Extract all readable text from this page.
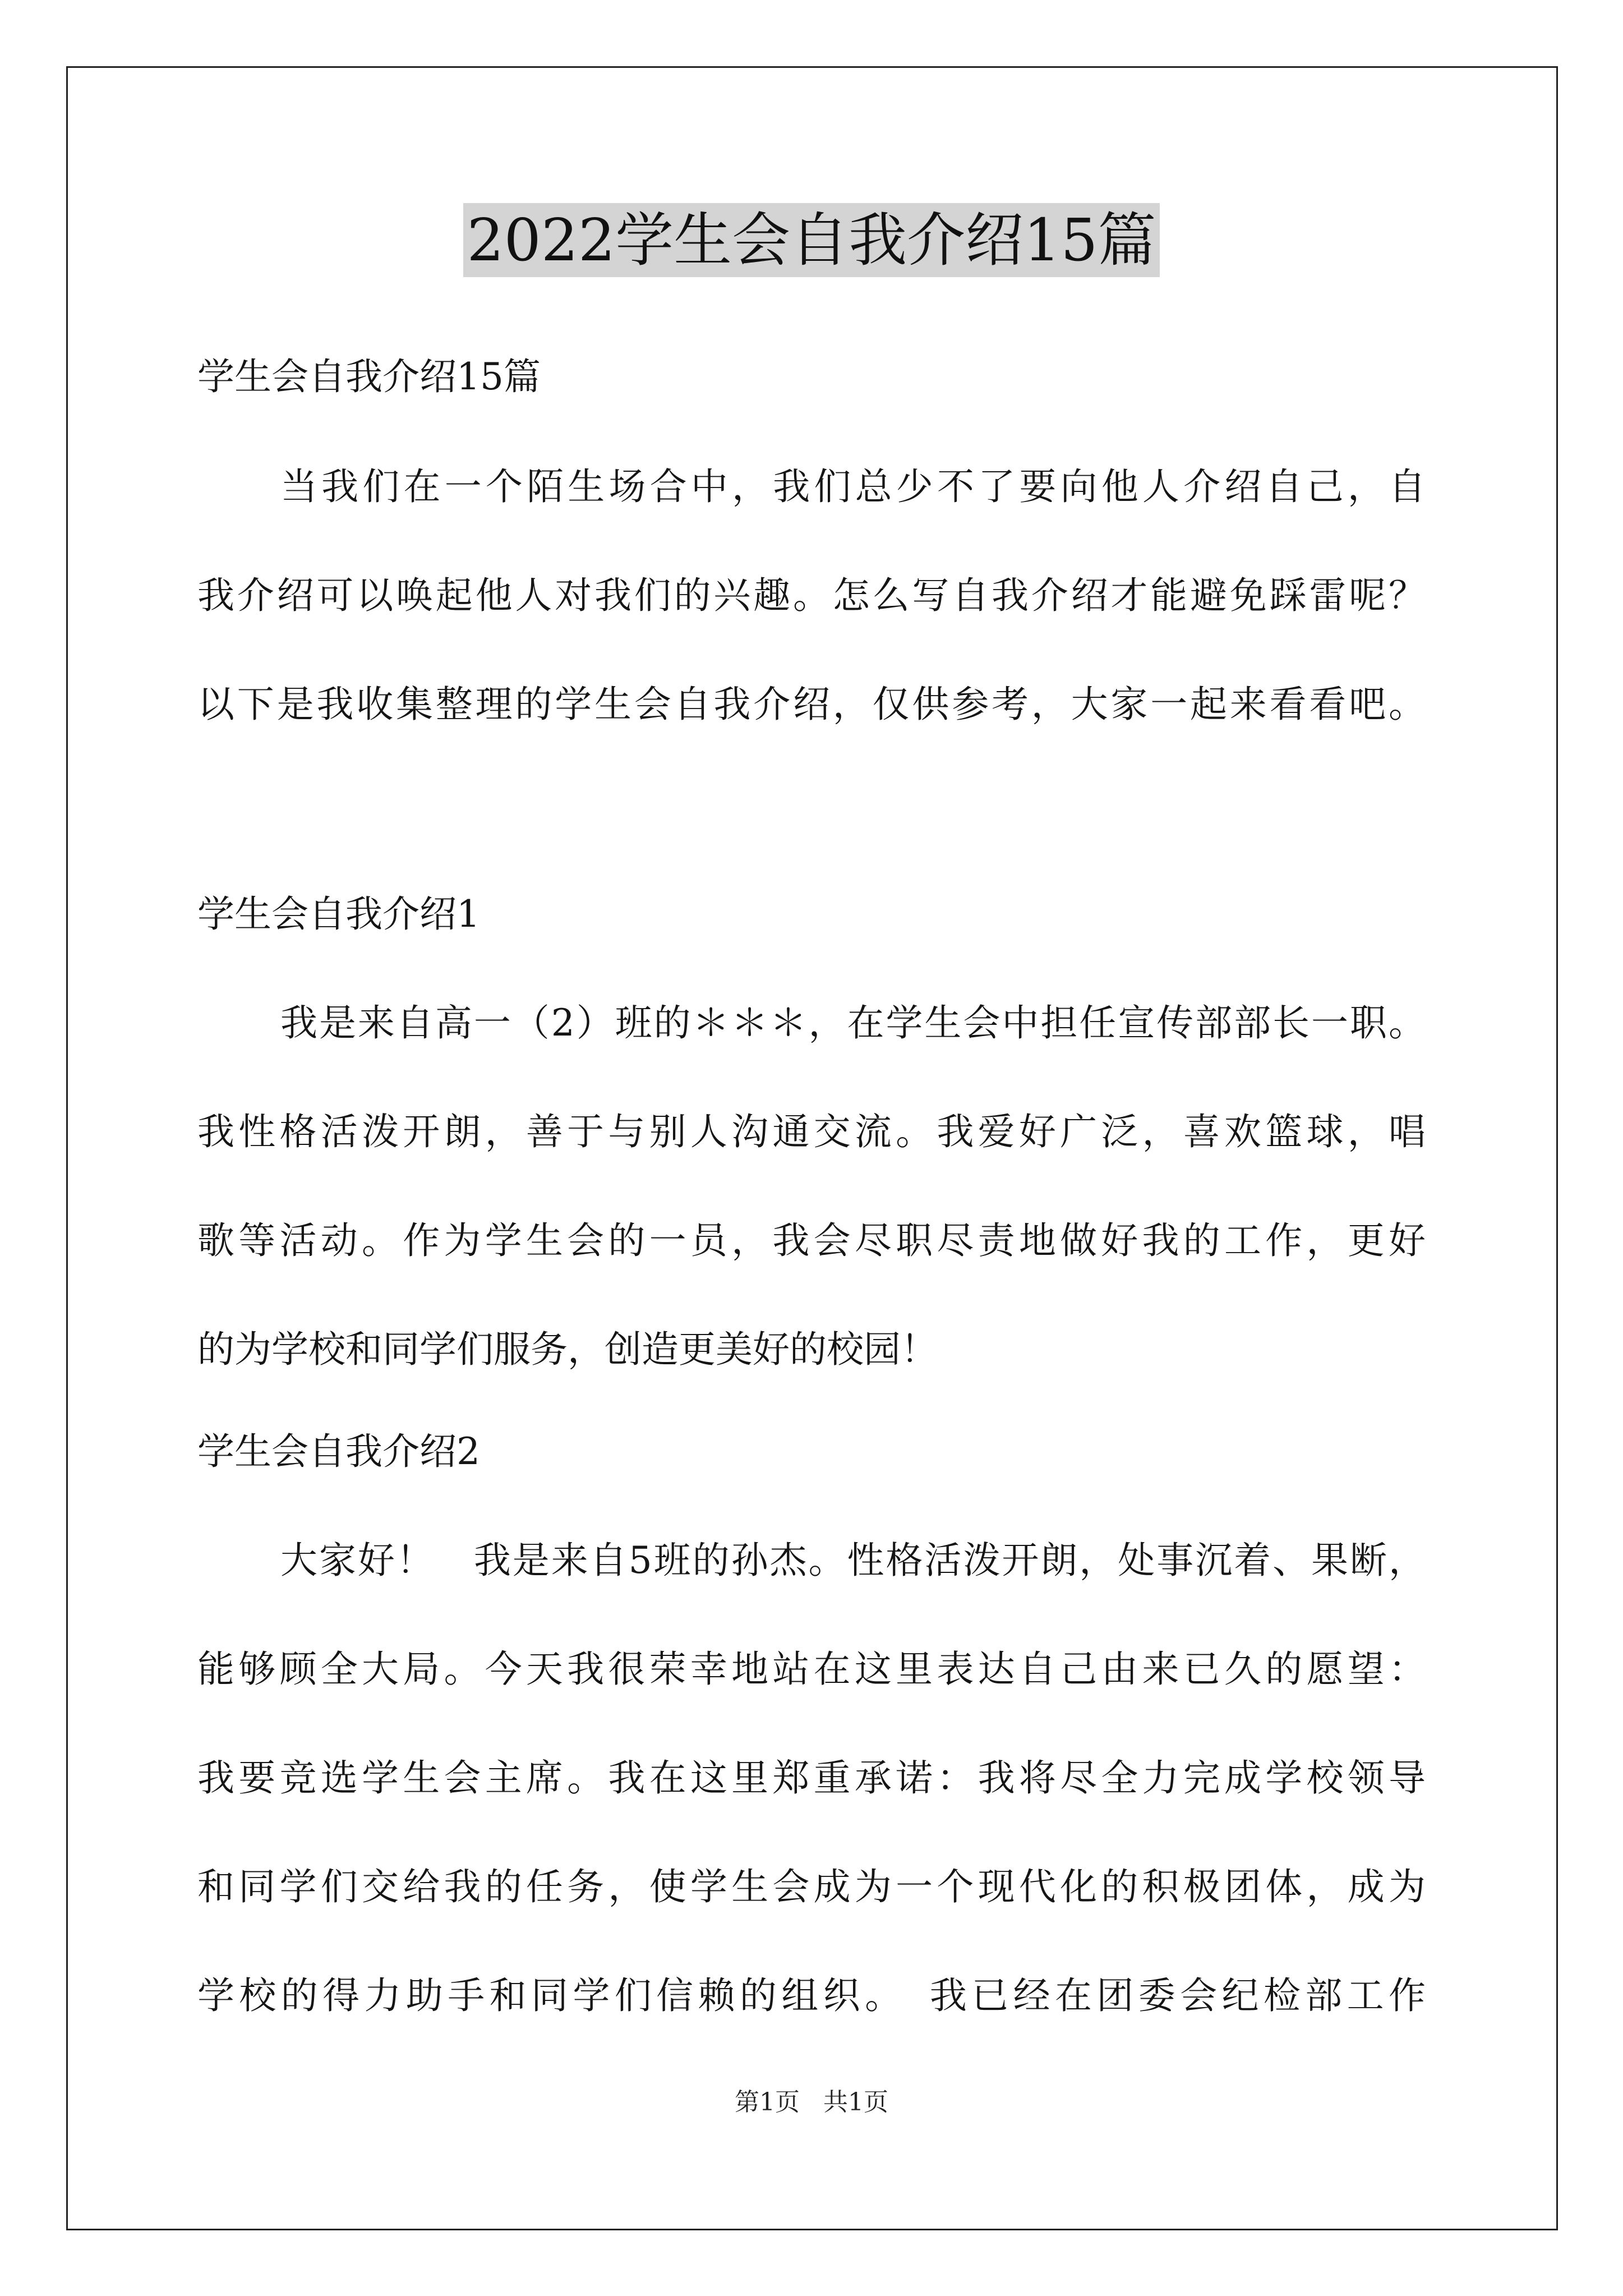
2022学生会自我介绍15篇
学生会自我介绍15篇
当我们在一个陌生场合中，我们总少不了要向他人介绍自己，自
我介绍可以唤起他人对我们的兴趣。怎么写自我介绍才能避免踩雷呢？
以下是我收集整理的学生会自我介绍，仅供参考，大家一起来看看吧。
学生会自我介绍1
我是来自高一（2）班的＊＊＊，在学生会中担任宣传部部长一职。
我性格活泼开朗，善于与别人沟通交流。我爱好广泛，喜欢篮球，唱
歌等活动。作为学生会的一员，我会尽职尽责地做好我的工作，更好
的为学校和同学们服务，创造更美好的校园！
学生会自我介绍2
大家好！　我是来自5班的孙杰。性格活泼开朗，处事沉着、果断，
能够顾全大局。今天我很荣幸地站在这里表达自己由来已久的愿望：
我要竞选学生会主席。我在这里郑重承诺：我将尽全力完成学校领导
和同学们交给我的任务，使学生会成为一个现代化的积极团体，成为
学校的得力助手和同学们信赖的组织。　我已经在团委会纪检部工作
第1页 共1页
